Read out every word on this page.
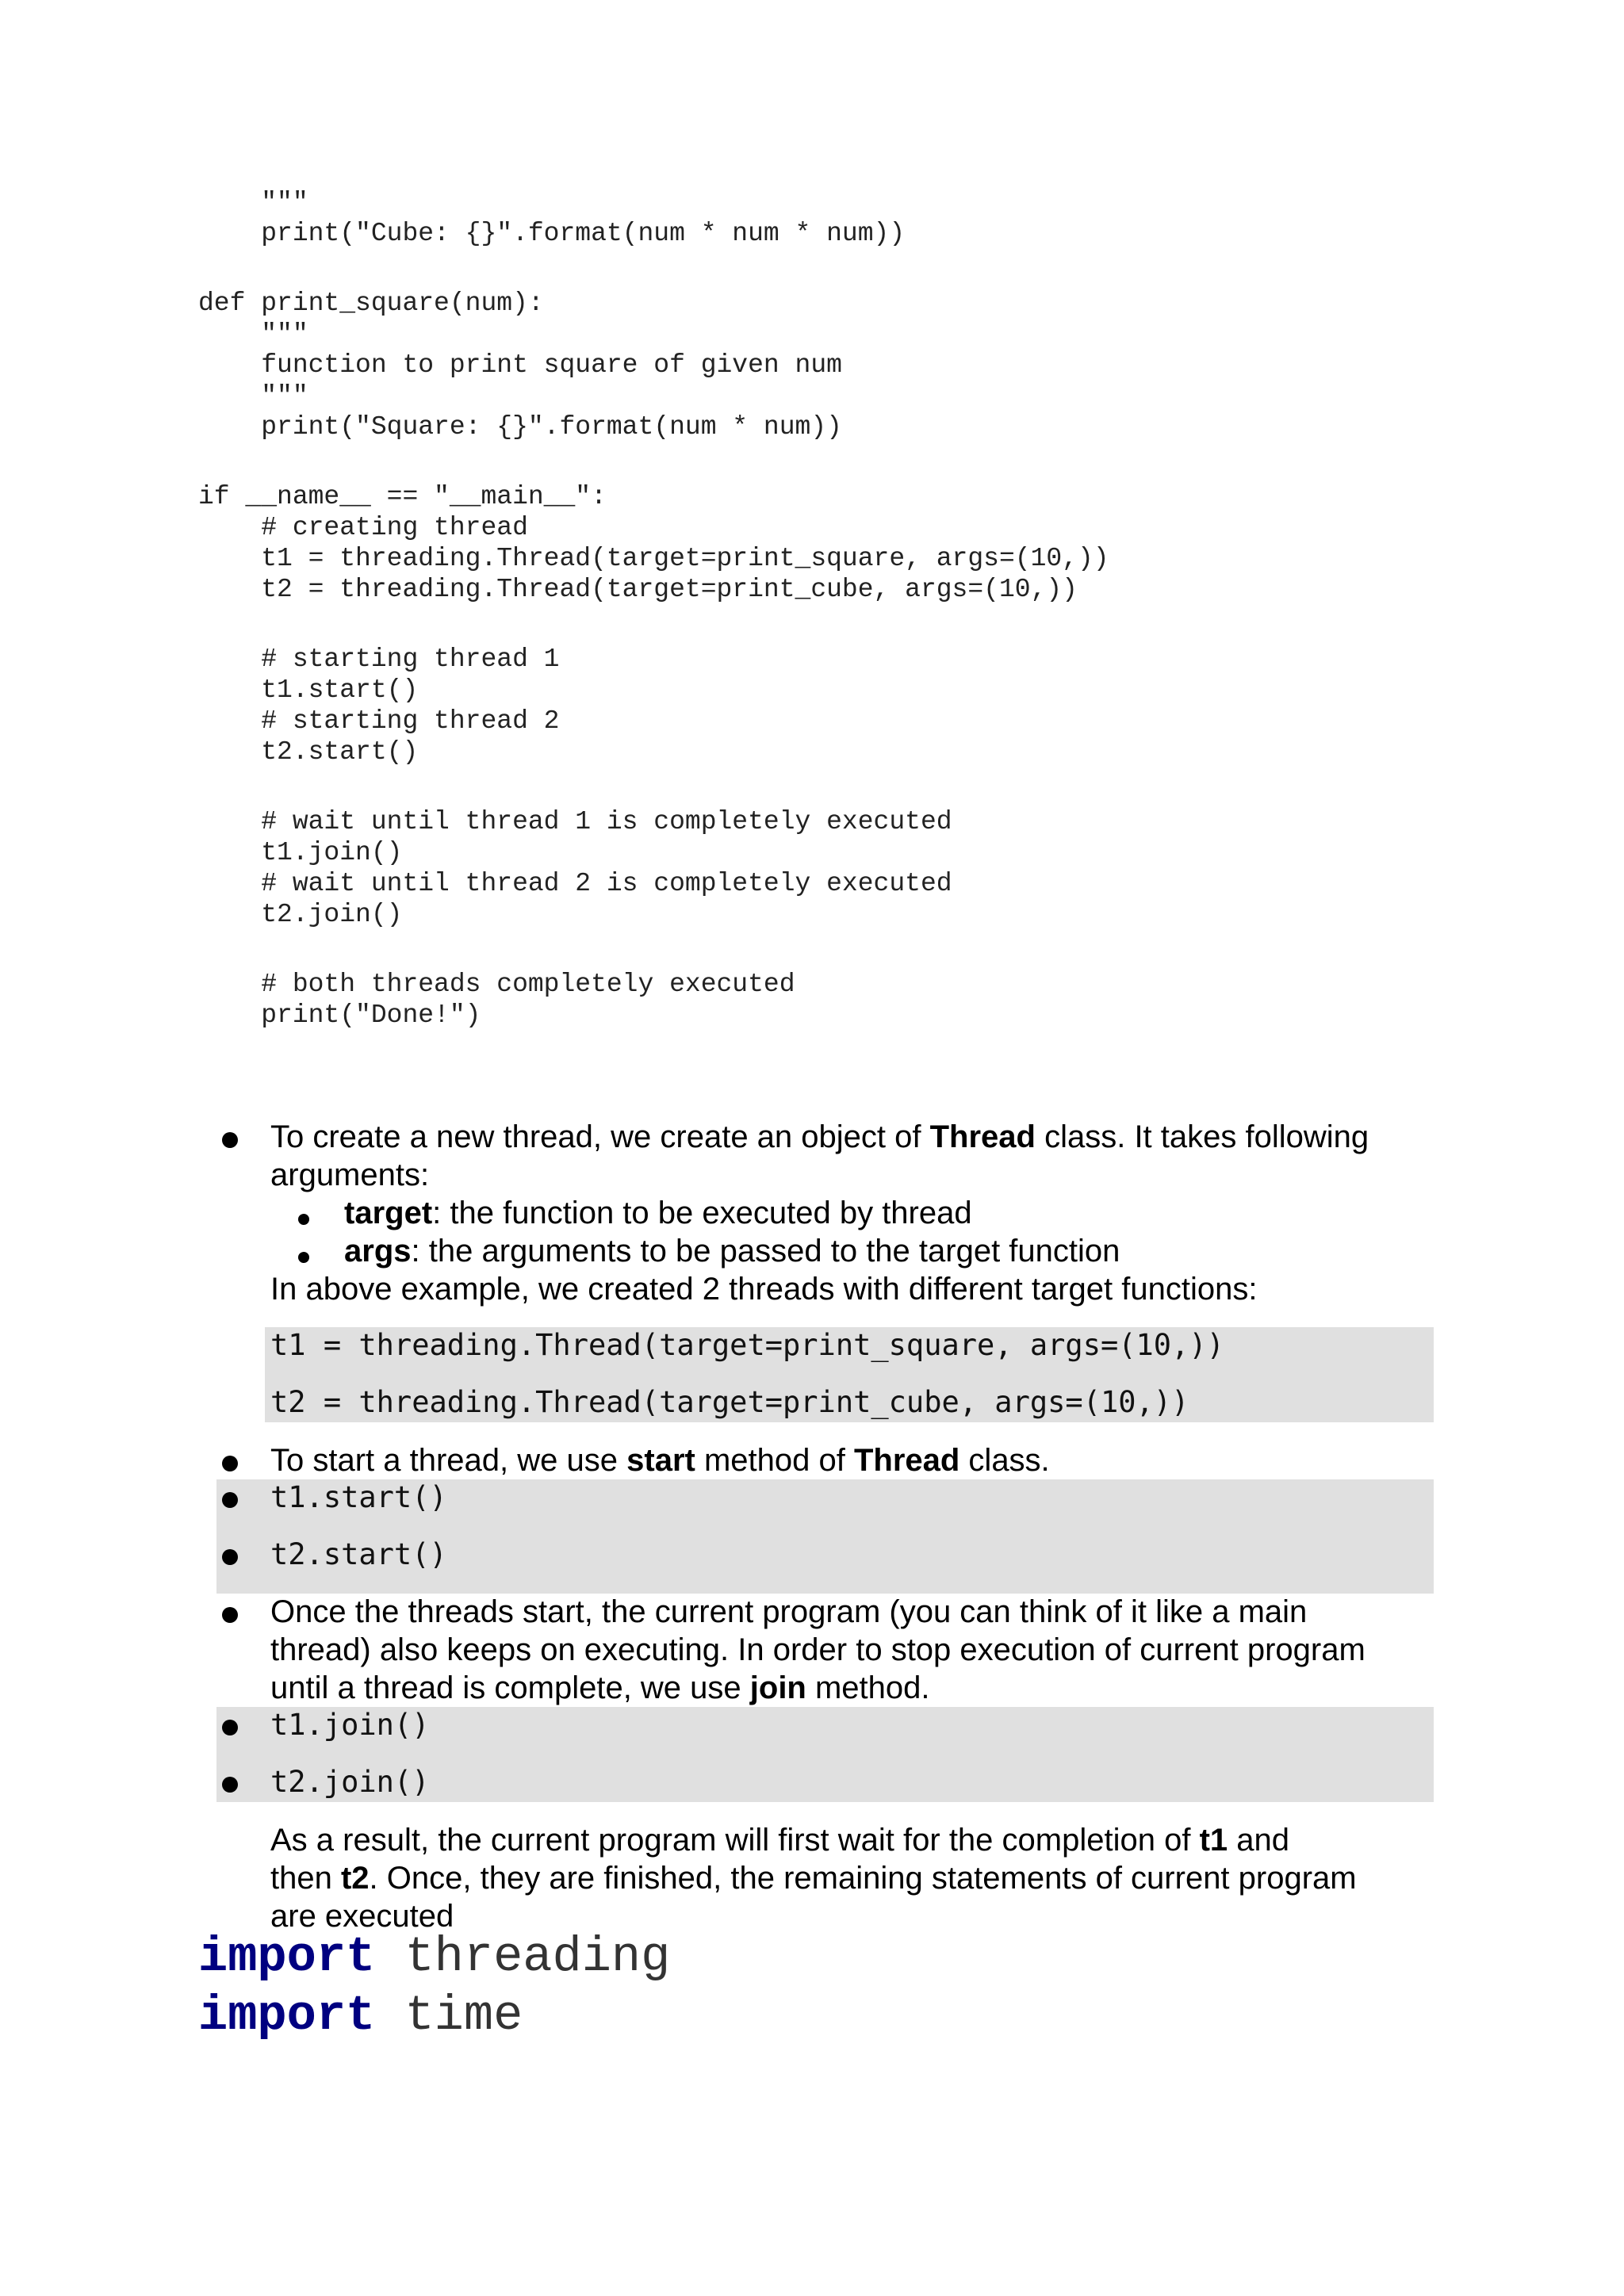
"""
print("Cube: {}".format(num * num * num))
def print_square(num):
"""
function to print square of given num
"""
print("Square: {}".format(num * num))
if __name__ == "__main__":
# creating thread
t1 = threading.Thread(target=print_square, args=(10,))
t2 = threading.Thread(target=print_cube, args=(10,))
# starting thread 1
t1.start()
# starting thread 2
t2.start()
# wait until thread 1 is completely executed
t1.join()
# wait until thread 2 is completely executed
t2.join()
# both threads completely executed
print("Done!")
To create a new thread, we create an object of Thread class. It takes following
arguments:
target: the function to be executed by thread
args: the arguments to be passed to the target function
In above example, we created 2 threads with different target functions:
t1 = threading.Thread(target=print_square, args=(10,))
t2 = threading.Thread(target=print_cube, args=(10,))
To start a thread, we use start method of Thread class.
t1.start()
t2.start()
Once the threads start, the current program (you can think of it like a main
thread) also keeps on executing. In order to stop execution of current program
until a thread is complete, we use join method.
t1.join()
t2.join()
As a result, the current program will first wait for the completion of t1 and
then t2. Once, they are finished, the remaining statements of current program
are executed
import threading
import time
